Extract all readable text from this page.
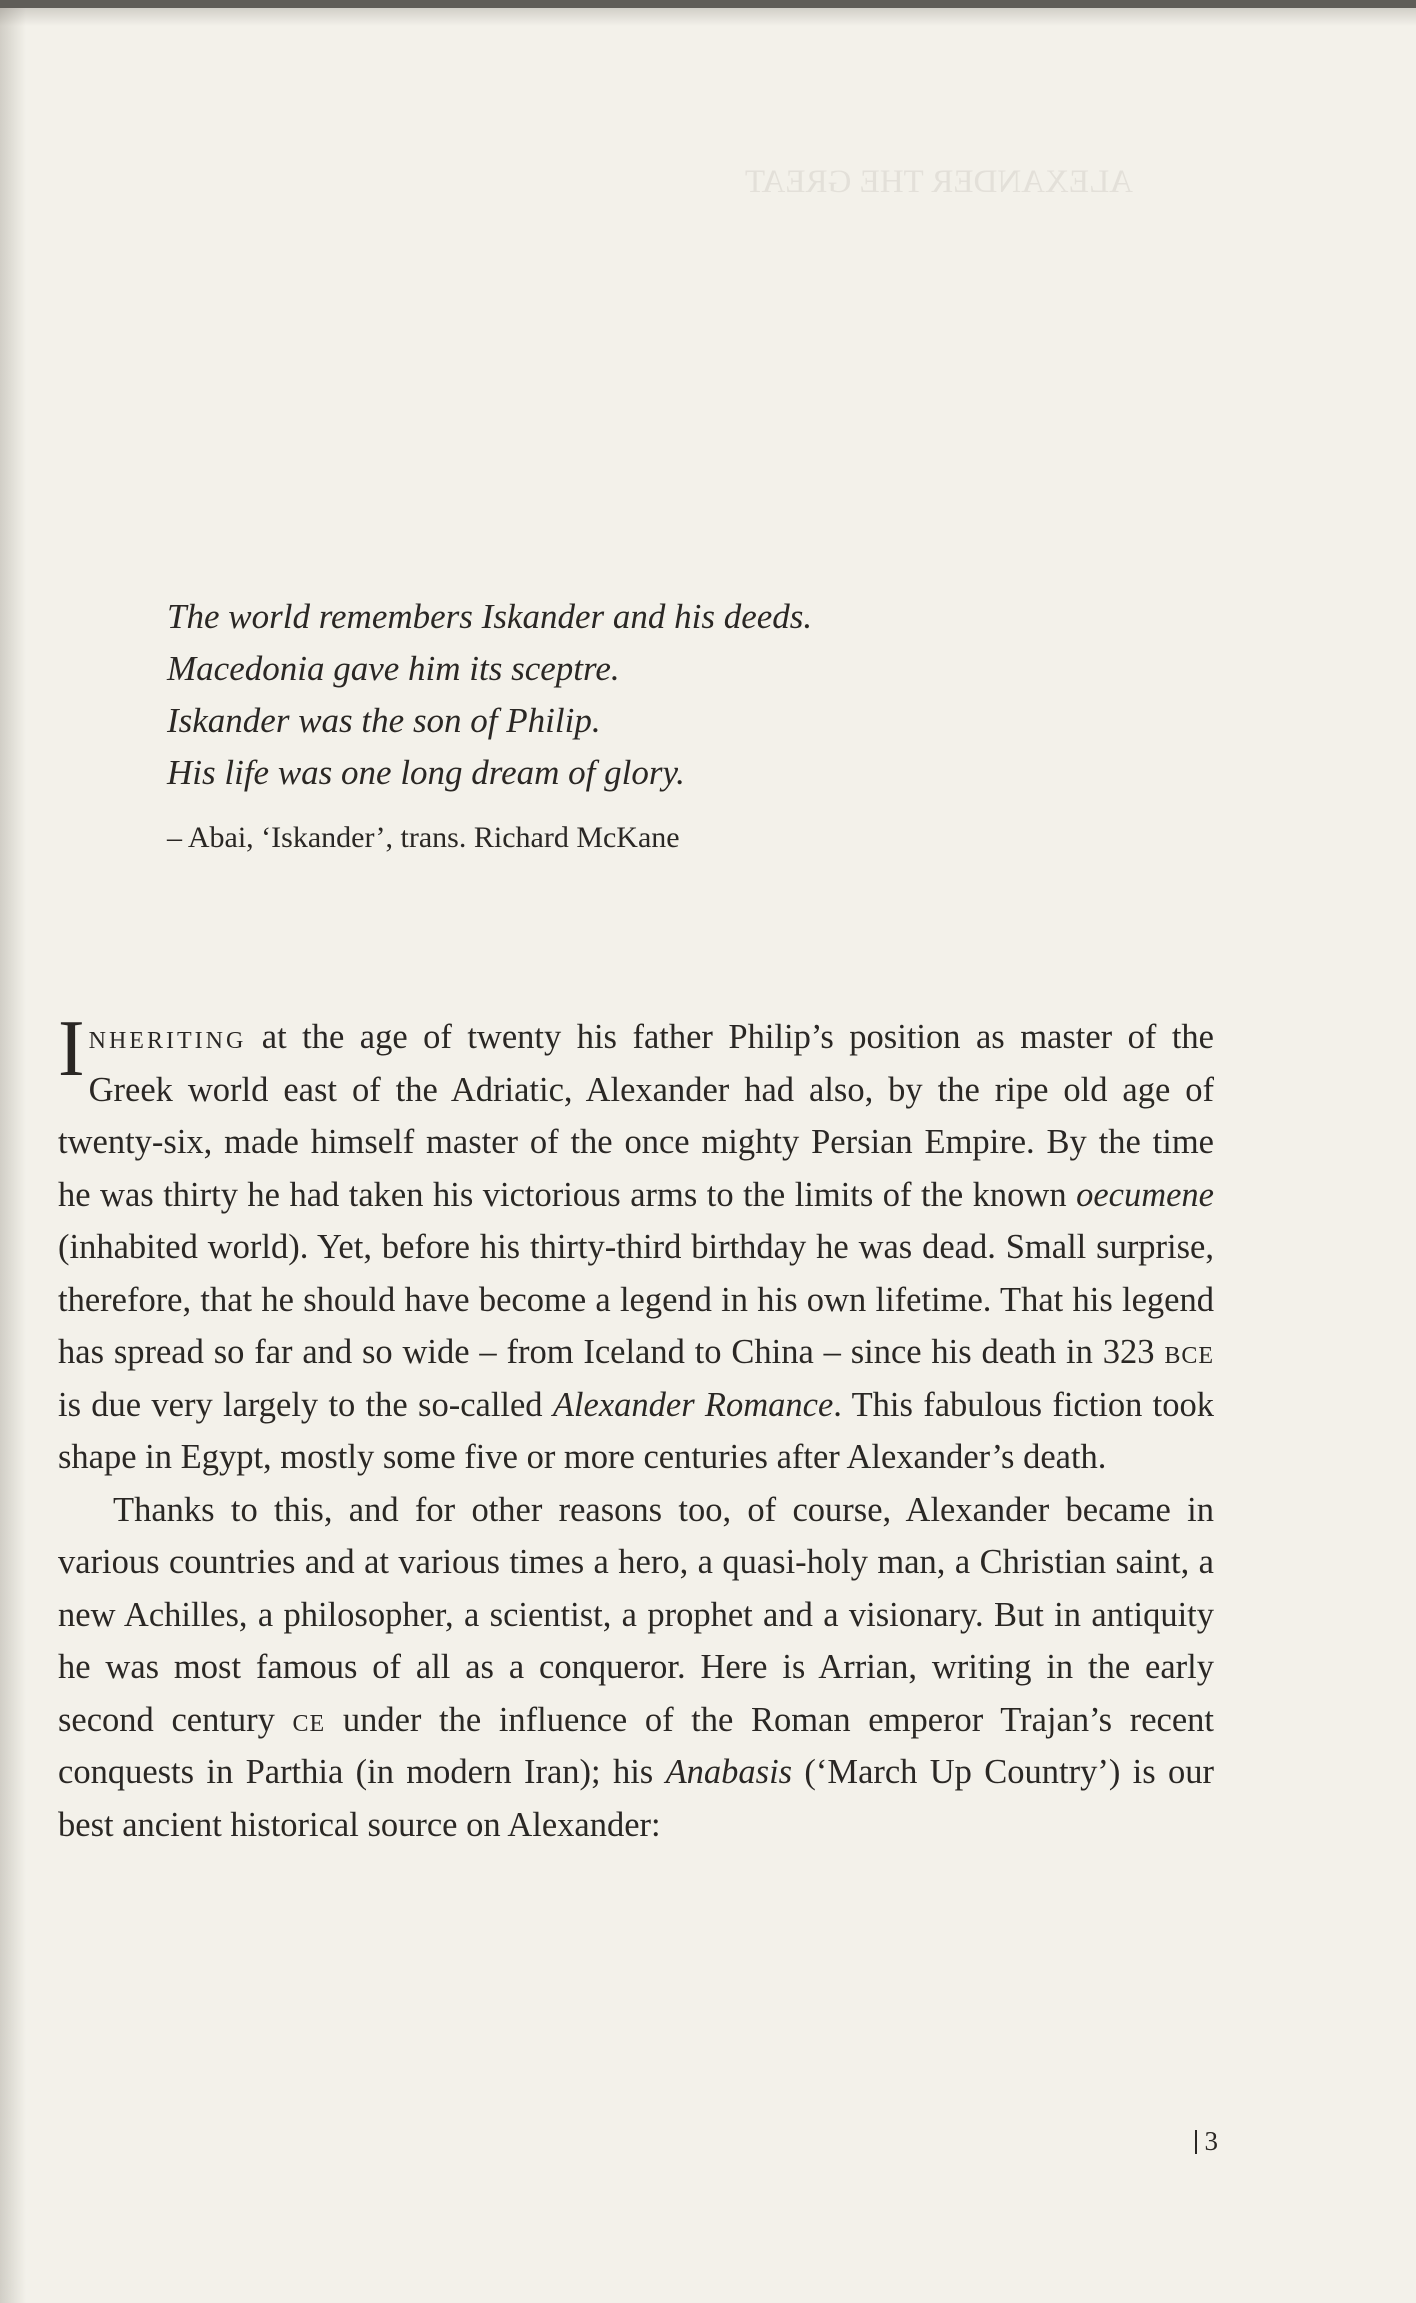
ALEXANDER THE GREAT
The world remembers Iskander and his deeds.
Macedonia gave him its sceptre.
Iskander was the son of Philip.
His life was one long dream of glory.
– Abai, ‘Iskander’, trans. Richard McKane

Inheriting at the age of twenty his father Philip’s position as master of the Greek world east of the Adriatic, Alexander had also, by the ripe old age of twenty-six, made himself master of the once mighty Persian Empire. By the time he was thirty he had taken his victorious arms to the limits of the known oecumene (inhabited world). Yet, before his thirty-third birthday he was dead. Small surprise, therefore, that he should have become a legend in his own lifetime. That his legend has spread so far and so wide – from Iceland to China – since his death in 323 bce is due very largely to the so-called Alexander Romance. This fabulous fiction took shape in Egypt, mostly some five or more centuries after Alexander’s death.

Thanks to this, and for other reasons too, of course, Alexander became in various countries and at various times a hero, a quasi-holy man, a Christian saint, a new Achilles, a philosopher, a scientist, a prophet and a visionary. But in antiquity he was most famous of all as a conqueror. Here is Arrian, writing in the early second century ce under the influence of the Roman emperor Trajan’s recent conquests in Parthia (in modern Iran); his Anabasis (‘March Up Country’) is our best ancient historical source on Alexander:

3
